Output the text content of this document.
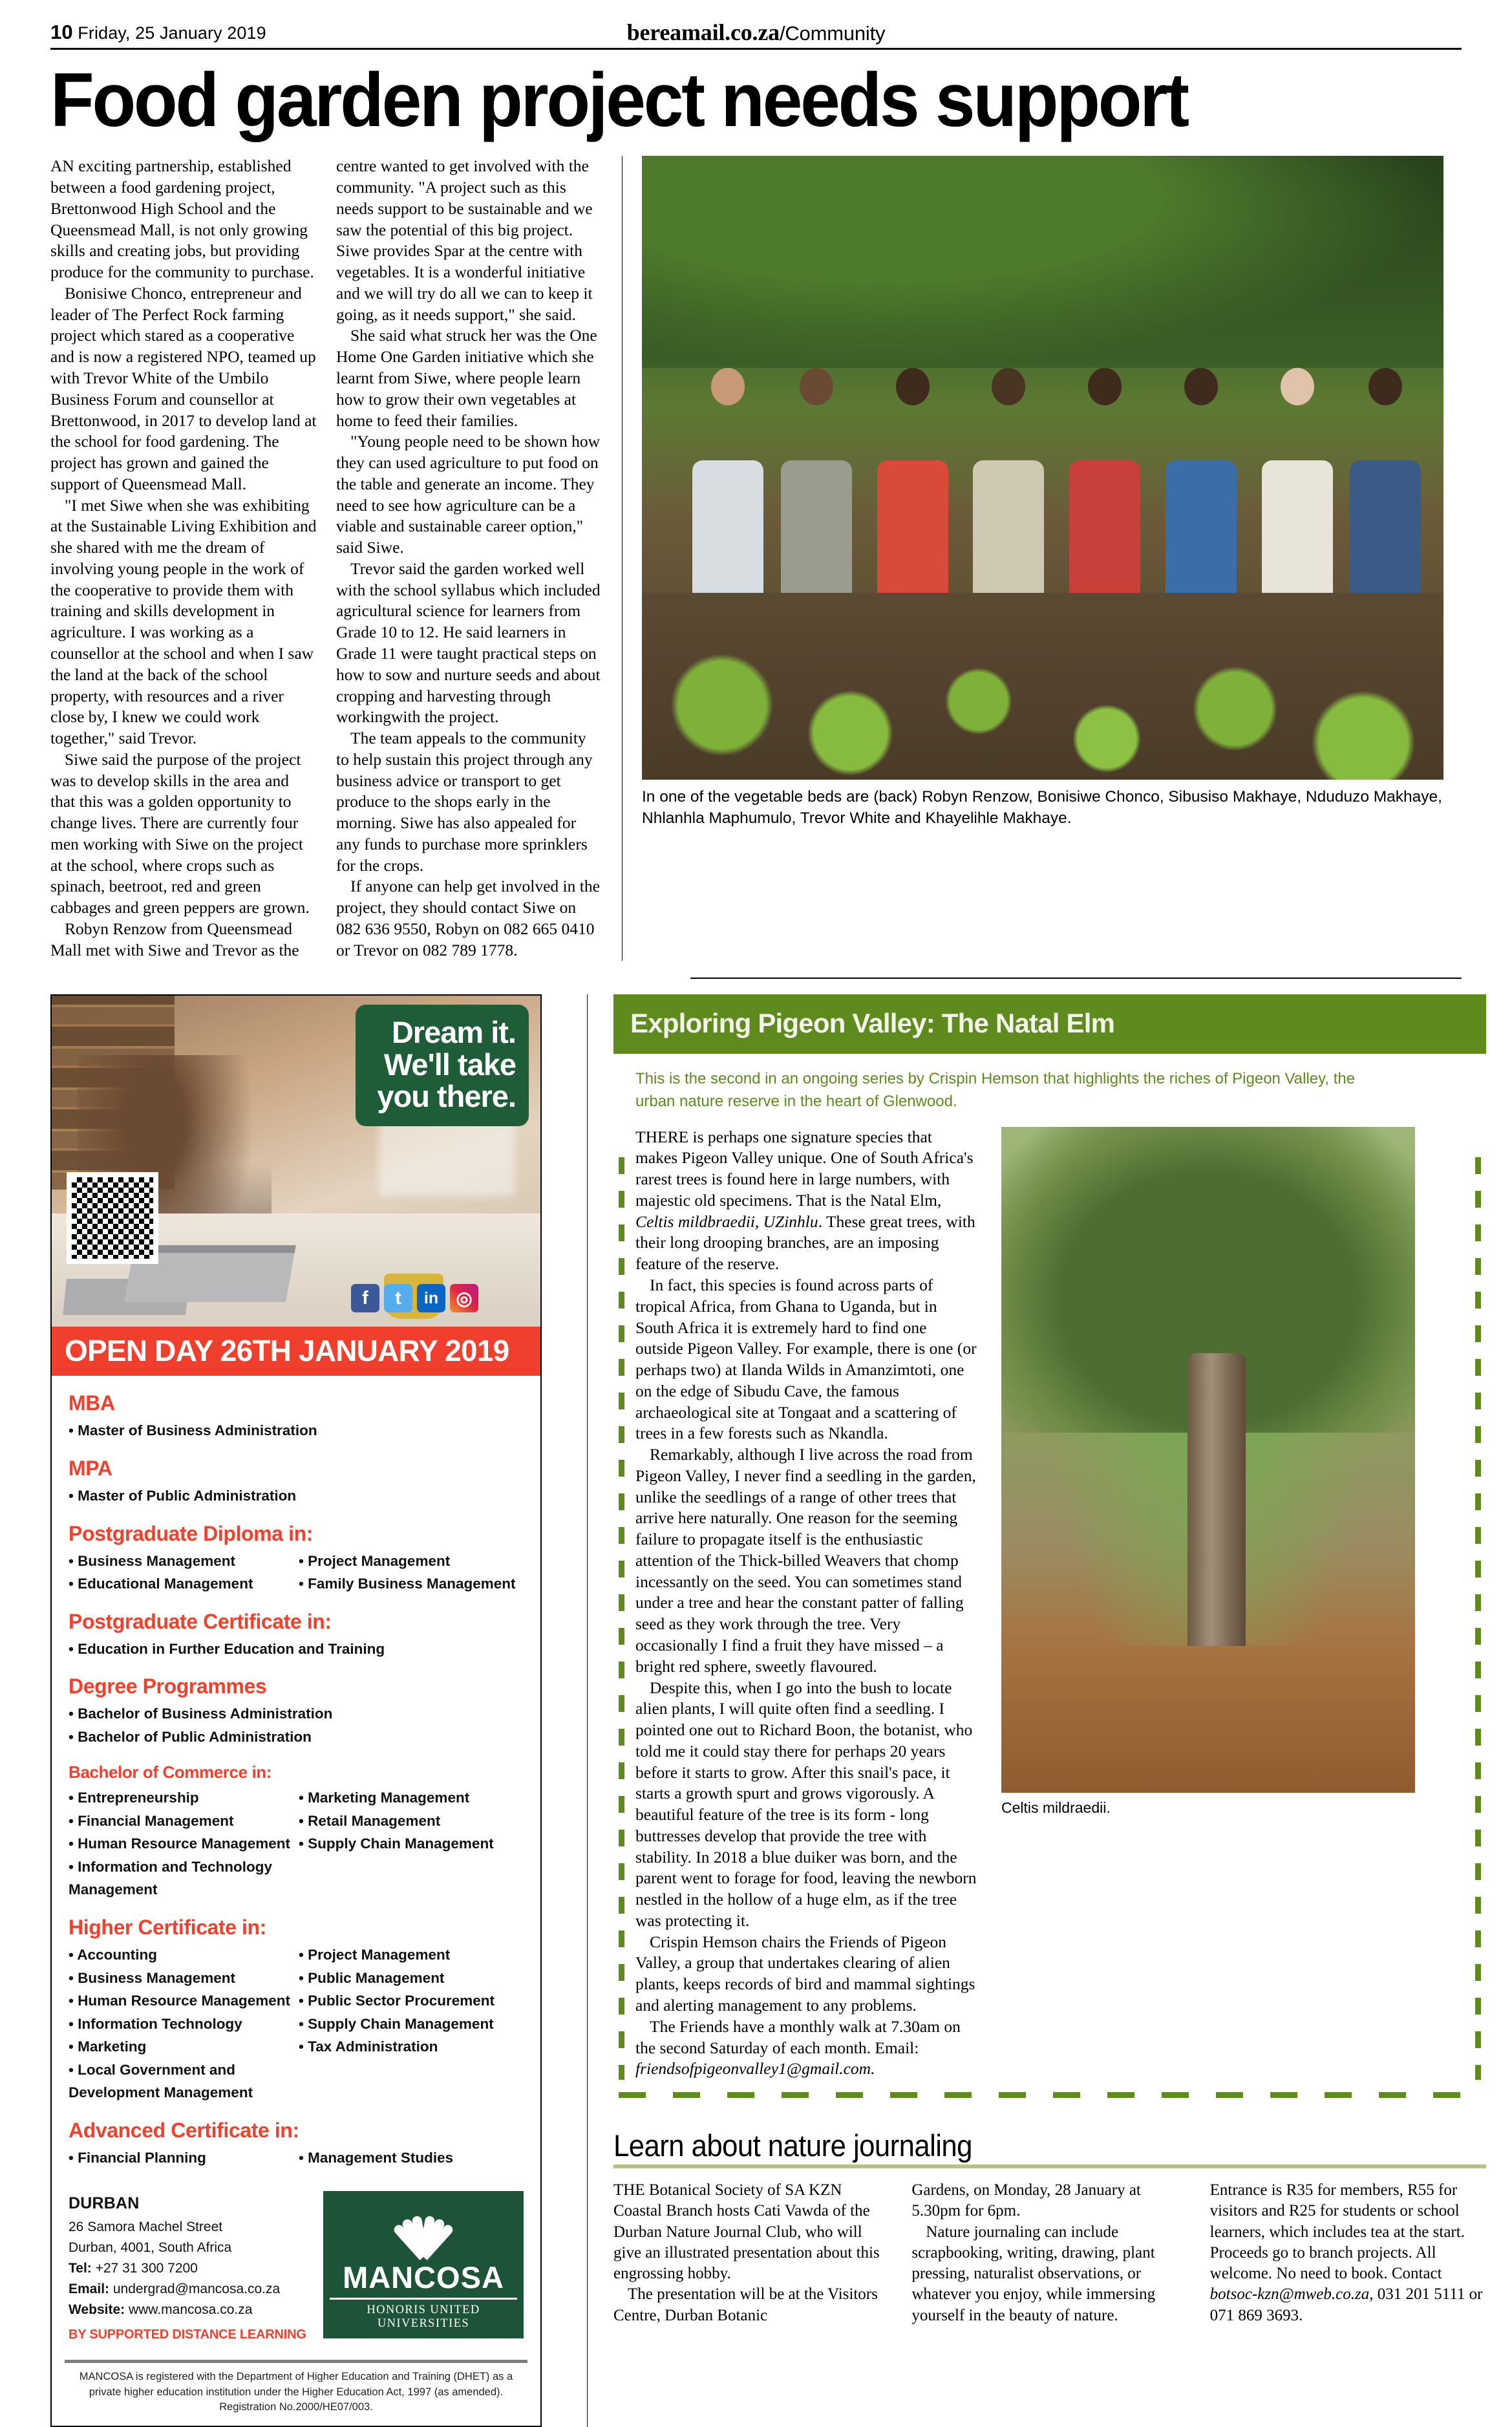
10 Friday, 25 January 2019	bereamail.co.za/Community
Food garden project needs support

AN exciting partnership, established between a food gardening project, Brettonwood High School and the Queensmead Mall, is not only growing skills and creating jobs, but providing produce for the community to purchase.

Bonisiwe Chonco, entrepreneur and leader of The Perfect Rock farming project which stared as a cooperative and is now a registered NPO, teamed up with Trevor White of the Umbilo Business Forum and counsellor at Brettonwood, in 2017 to develop land at the school for food gardening. The project has grown and gained the support of Queensmead Mall.

"I met Siwe when she was exhibiting at the Sustainable Living Exhibition and she shared with me the dream of involving young people in the work of the cooperative to provide them with training and skills development in agriculture. I was working as a counsellor at the school and when I saw the land at the back of the school property, with resources and a river close by, I knew we could work together," said Trevor.

Siwe said the purpose of the project was to develop skills in the area and that this was a golden opportunity to change lives. There are currently four men working with Siwe on the project at the school, where crops such as spinach, beetroot, red and green cabbages and green peppers are grown.

Robyn Renzow from Queensmead Mall met with Siwe and Trevor as the

centre wanted to get involved with the community. "A project such as this needs support to be sustainable and we saw the potential of this big project. Siwe provides Spar at the centre with vegetables. It is a wonderful initiative and we will try do all we can to keep it going, as it needs support," she said.

She said what struck her was the One Home One Garden initiative which she learnt from Siwe, where people learn how to grow their own vegetables at home to feed their families.

"Young people need to be shown how they can used agriculture to put food on the table and generate an income. They need to see how agriculture can be a viable and sustainable career option," said Siwe.

Trevor said the garden worked well with the school syllabus which included agricultural science for learners from Grade 10 to 12. He said learners in Grade 11 were taught practical steps on how to sow and nurture seeds and about cropping and harvesting through workingwith the project.

The team appeals to the community to help sustain this project through any business advice or transport to get produce to the shops early in the morning. Siwe has also appealed for any funds to purchase more sprinklers for the crops.

If anyone can help get involved in the project, they should contact Siwe on 082 636 9550, Robyn on 082 665 0410 or Trevor on 082 789 1778.

In one of the vegetable beds are (back) Robyn Renzow, Bonisiwe Chonco, Sibusiso Makhaye, Nduduzo Makhaye, Nhlanhla Maphumulo, Trevor White and Khayelihle Makhaye.
Dream it.
We'll take
you there.
f	t	in ◎
OPEN DAY 26TH JANUARY 2019
MBA
• Master of Business Administration
MPA
• Master of Public Administration
Postgraduate Diploma in:
• Business Management	• Project Management
• Educational Management	• Family Business Management
Postgraduate Certificate in:
• Education in Further Education and Training
Degree Programmes
• Bachelor of Business Administration
• Bachelor of Public Administration
Bachelor of Commerce in:
• Entrepreneurship	• Marketing Management
• Financial Management	• Retail Management
• Human Resource Management	• Supply Chain Management
• Information and Technology Management
Higher Certificate in:
• Accounting	• Project Management
• Business Management	• Public Management
• Human Resource Management	• Public Sector Procurement
• Information Technology	• Supply Chain Management
• Marketing	• Tax Administration
• Local Government and Development Management
Advanced Certificate in:
• Financial Planning	• Management Studies
DURBAN
26 Samora Machel Street
Durban, 4001, South Africa
Tel: +27 31 300 7200
Email: undergrad@mancosa.co.za
Website: www.mancosa.co.za
BY SUPPORTED DISTANCE LEARNING
MANCOSA
HONORIS UNITED UNIVERSITIES
MANCOSA is registered with the Department of Higher Education and Training (DHET) as a private higher education institution under the Higher Education Act, 1997 (as amended). Registration No.2000/HE07/003.
Exploring Pigeon Valley: The Natal Elm
This is the second in an ongoing series by Crispin Hemson that highlights the riches of Pigeon Valley, the urban nature reserve in the heart of Glenwood.

THERE is perhaps one signature species that makes Pigeon Valley unique. One of South Africa's rarest trees is found here in large numbers, with majestic old specimens. That is the Natal Elm, Celtis mildbraedii, UZinhlu. These great trees, with their long drooping branches, are an imposing feature of the reserve.

In fact, this species is found across parts of tropical Africa, from Ghana to Uganda, but in South Africa it is extremely hard to find one outside Pigeon Valley. For example, there is one (or perhaps two) at Ilanda Wilds in Amanzimtoti, one on the edge of Sibudu Cave, the famous archaeological site at Tongaat and a scattering of trees in a few forests such as Nkandla.

Remarkably, although I live across the road from Pigeon Valley, I never find a seedling in the garden, unlike the seedlings of a range of other trees that arrive here naturally. One reason for the seeming failure to propagate itself is the enthusiastic attention of the Thick-billed Weavers that chomp incessantly on the seed. You can sometimes stand under a tree and hear the constant patter of falling seed as they work through the tree. Very occasionally I find a fruit they have missed – a bright red sphere, sweetly flavoured.

Despite this, when I go into the bush to locate alien plants, I will quite often find a seedling. I pointed one out to Richard Boon, the botanist, who told me it could stay there for perhaps 20 years before it starts to grow. After this snail's pace, it starts a growth spurt and grows vigorously. A beautiful feature of the tree is its form - long buttresses develop that provide the tree with stability. In 2018 a blue duiker was born, and the parent went to forage for food, leaving the newborn nestled in the hollow of a huge elm, as if the tree was protecting it.

Crispin Hemson chairs the Friends of Pigeon Valley, a group that undertakes clearing of alien plants, keeps records of bird and mammal sightings and alerting management to any problems.

The Friends have a monthly walk at 7.30am on the second Saturday of each month. Email: friendsofpigeonvalley1@gmail.com.

Celtis mildraedii.
Learn about nature journaling

THE Botanical Society of SA KZN Coastal Branch hosts Cati Vawda of the Durban Nature Journal Club, who will give an illustrated presentation about this engrossing hobby.

The presentation will be at the Visitors Centre, Durban Botanic

Gardens, on Monday, 28 January at 5.30pm for 6pm.

Nature journaling can include scrapbooking, writing, drawing, plant pressing, naturalist observations, or whatever you enjoy, while immersing yourself in the beauty of nature.

Entrance is R35 for members, R55 for visitors and R25 for students or school learners, which includes tea at the start. Proceeds go to branch projects. All welcome. No need to book. Contact botsoc-kzn@mweb.co.za, 031 201 5111 or 071 869 3693.
